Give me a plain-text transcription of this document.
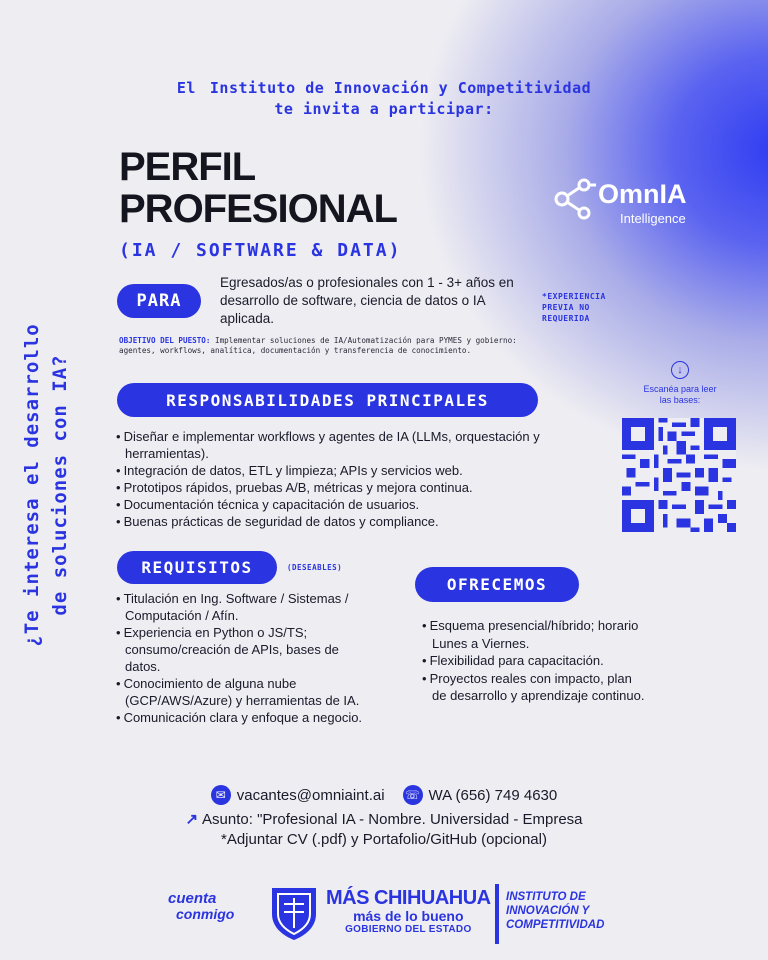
El Instituto de Innovación y Competitividad
te invita a participar:
PERFIL
PROFESIONAL
(IA / SOFTWARE & DATA)
OmnIA
Intelligence
PARA
Egresados/as o profesionales con 1 - 3+ años en desarrollo de software, ciencia de datos o IA aplicada.
*EXPERIENCIA PREVIA NO REQUERIDA
OBJETIVO DEL PUESTO: Implementar soluciones de IA/Automatización para PYMES y gobierno: agentes, workflows, analítica, documentación y transferencia de conocimiento.
RESPONSABILIDADES PRINCIPALES
• Diseñar e implementar workflows y agentes de IA (LLMs, orquestación y herramientas).
• Integración de datos, ETL y limpieza; APIs y servicios web.
• Prototipos rápidos, pruebas A/B, métricas y mejora continua.
• Documentación técnica y capacitación de usuarios.
• Buenas prácticas de seguridad de datos y compliance.
REQUISITOS	(DESEABLES)
• Titulación en Ing. Software / Sistemas / Computación / Afín.
• Experiencia en Python o JS/TS; consumo/creación de APIs, bases de datos.
• Conocimiento de alguna nube (GCP/AWS/Azure) y herramientas de IA.
• Comunicación clara y enfoque a negocio.
OFRECEMOS
• Esquema presencial/híbrido; horario Lunes a Viernes.
• Flexibilidad para capacitación.
• Proyectos reales con impacto, plan de desarrollo y aprendizaje continuo.
¿Te interesa el desarrollo de soluciones con IA?	↓
Escanéa para leer las bases:
✉ vacantes@omniaint.ai ☏ WA (656) 749 4630
↗ Asunto: "Profesional IA - Nombre. Universidad - Empresa
*Adjuntar CV (.pdf) y Portafolio/GitHub (opcional)
cuenta
conmigo
MÁS CHIHUAHUA
más de lo bueno
GOBIERNO DEL ESTADO
INSTITUTO DE
INNOVACIÓN Y
COMPETITIVIDAD
